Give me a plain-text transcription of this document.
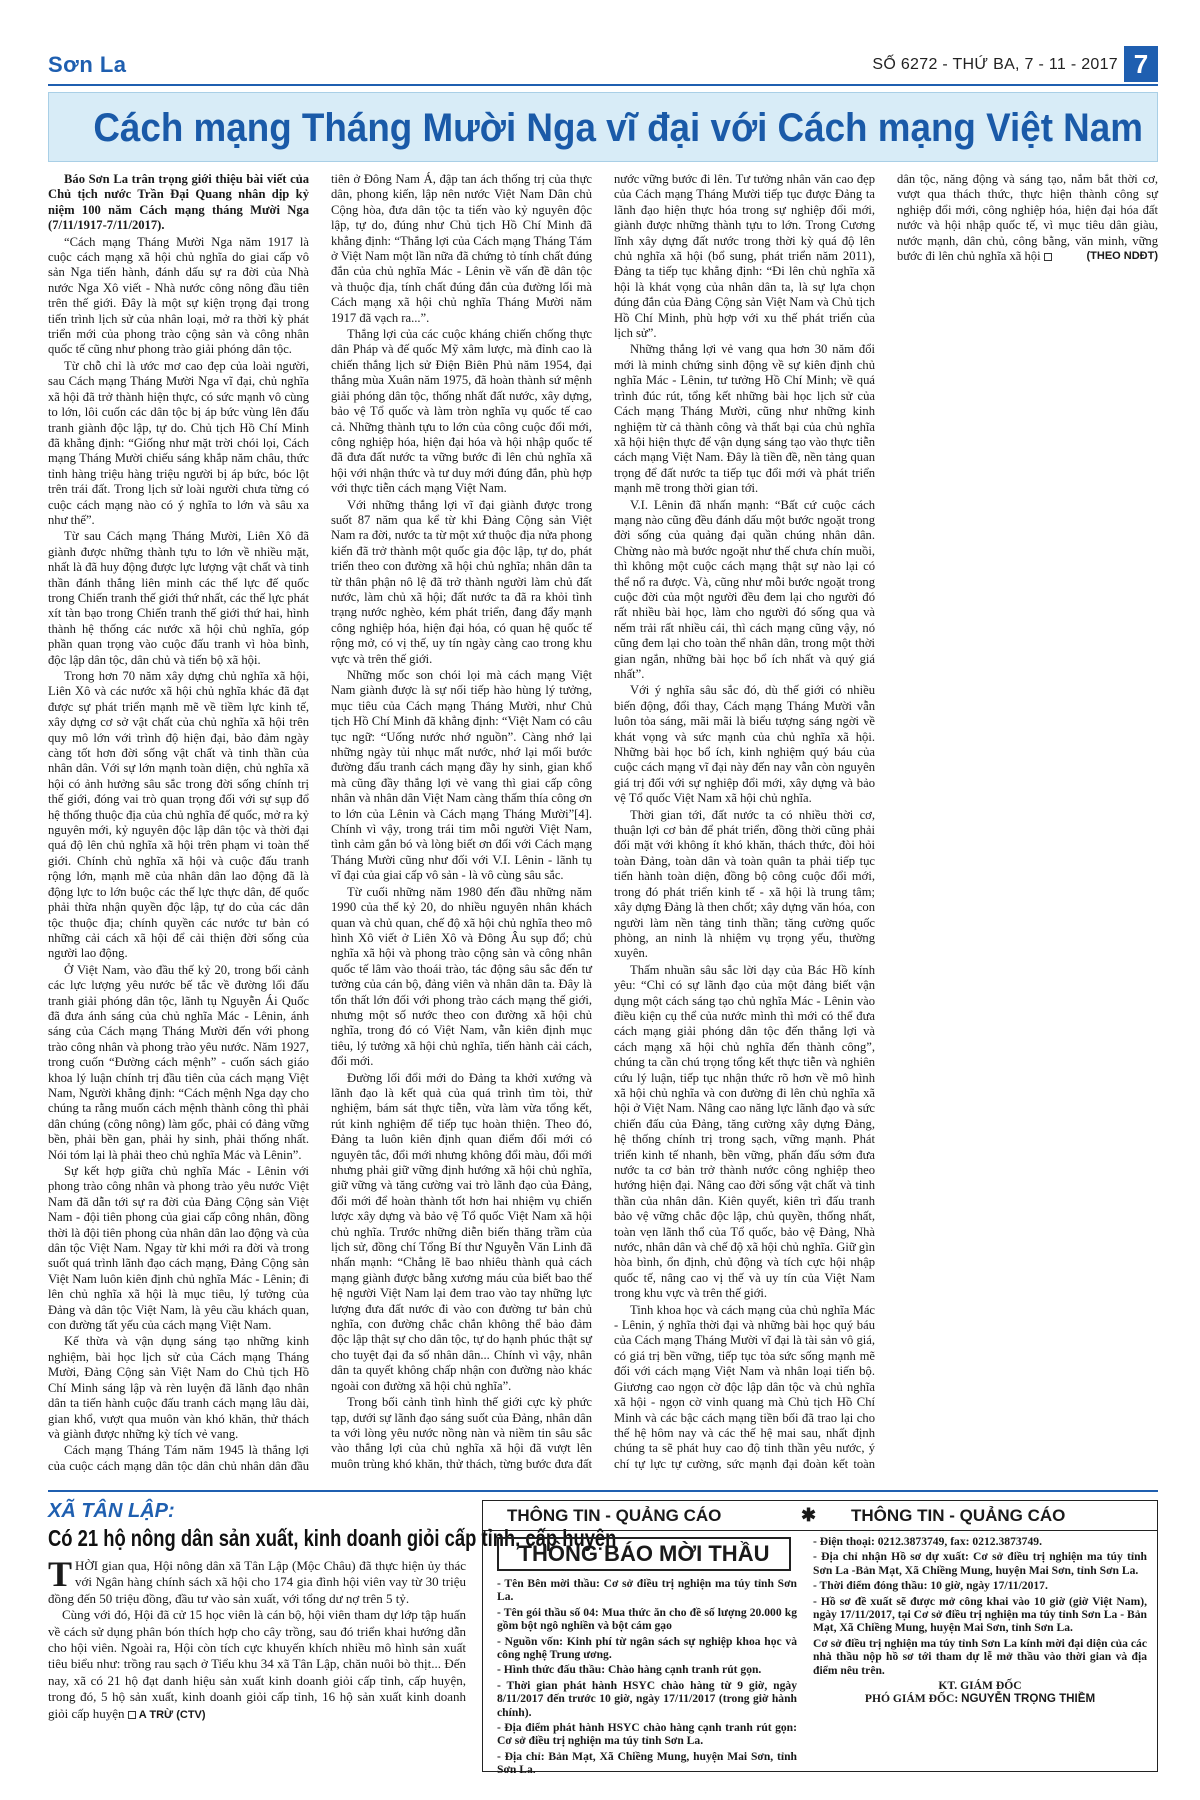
Sơn La	SỐ 6272 - THỨ BA, 7 - 11 - 2017 7
Cách mạng Tháng Mười Nga vĩ đại với Cách mạng Việt Nam

Báo Sơn La trân trọng giới thiệu bài viết của Chủ tịch nước Trần Đại Quang nhân dịp kỷ niệm 100 năm Cách mạng tháng Mười Nga (7/11/1917-7/11/2017).

“Cách mạng Tháng Mười Nga năm 1917 là cuộc cách mạng xã hội chủ nghĩa do giai cấp vô sản Nga tiến hành, đánh dấu sự ra đời của Nhà nước Nga Xô viết - Nhà nước công nông đầu tiên trên thế giới. Đây là một sự kiện trọng đại trong tiến trình lịch sử của nhân loại, mở ra thời kỳ phát triển mới của phong trào cộng sản và công nhân quốc tế cũng như phong trào giải phóng dân tộc.

Từ chỗ chỉ là ước mơ cao đẹp của loài người, sau Cách mạng Tháng Mười Nga vĩ đại, chủ nghĩa xã hội đã trở thành hiện thực, có sức mạnh vô cùng to lớn, lôi cuốn các dân tộc bị áp bức vùng lên đấu tranh giành độc lập, tự do. Chủ tịch Hồ Chí Minh đã khẳng định: “Giống như mặt trời chói lọi, Cách mạng Tháng Mười chiếu sáng khắp năm châu, thức tỉnh hàng triệu hàng triệu người bị áp bức, bóc lột trên trái đất. Trong lịch sử loài người chưa từng có cuộc cách mạng nào có ý nghĩa to lớn và sâu xa như thế”.

Từ sau Cách mạng Tháng Mười, Liên Xô đã giành được những thành tựu to lớn về nhiều mặt, nhất là đã huy động được lực lượng vật chất và tinh thần đánh thắng liên minh các thế lực đế quốc trong Chiến tranh thế giới thứ nhất, các thế lực phát xít tàn bạo trong Chiến tranh thế giới thứ hai, hình thành hệ thống các nước xã hội chủ nghĩa, góp phần quan trọng vào cuộc đấu tranh vì hòa bình, độc lập dân tộc, dân chủ và tiến bộ xã hội.

Trong hơn 70 năm xây dựng chủ nghĩa xã hội, Liên Xô và các nước xã hội chủ nghĩa khác đã đạt được sự phát triển mạnh mẽ về tiềm lực kinh tế, xây dựng cơ sở vật chất của chủ nghĩa xã hội trên quy mô lớn với trình độ hiện đại, bảo đảm ngày càng tốt hơn đời sống vật chất và tinh thần của nhân dân. Với sự lớn mạnh toàn diện, chủ nghĩa xã hội có ảnh hưởng sâu sắc trong đời sống chính trị thế giới, đóng vai trò quan trọng đối với sự sụp đổ hệ thống thuộc địa của chủ nghĩa đế quốc, mở ra kỷ nguyên mới, kỷ nguyên độc lập dân tộc và thời đại quá độ lên chủ nghĩa xã hội trên phạm vi toàn thế giới. Chính chủ nghĩa xã hội và cuộc đấu tranh rộng lớn, mạnh mẽ của nhân dân lao động đã là động lực to lớn buộc các thế lực thực dân, đế quốc phải thừa nhận quyền độc lập, tự do của các dân tộc thuộc địa; chính quyền các nước tư bản có những cải cách xã hội để cải thiện đời sống của người lao động.

Ở Việt Nam, vào đầu thế kỷ 20, trong bối cảnh các lực lượng yêu nước bế tắc về đường lối đấu tranh giải phóng dân tộc, lãnh tụ Nguyễn Ái Quốc đã đưa ánh sáng của chủ nghĩa Mác - Lênin, ánh sáng của Cách mạng Tháng Mười đến với phong trào công nhân và phong trào yêu nước. Năm 1927, trong cuốn “Đường cách mệnh” - cuốn sách giáo khoa lý luận chính trị đầu tiên của cách mạng Việt Nam, Người khẳng định: “Cách mệnh Nga dạy cho chúng ta rằng muốn cách mệnh thành công thì phải dân chúng (công nông) làm gốc, phải có đảng vững bền, phải bền gan, phải hy sinh, phải thống nhất. Nói tóm lại là phải theo chủ nghĩa Mác và Lênin”.

Sự kết hợp giữa chủ nghĩa Mác - Lênin với phong trào công nhân và phong trào yêu nước Việt Nam đã dẫn tới sự ra đời của Đảng Cộng sản Việt Nam - đội tiên phong của giai cấp công nhân, đồng thời là đội tiên phong của nhân dân lao động và của dân tộc Việt Nam. Ngay từ khi mới ra đời và trong suốt quá trình lãnh đạo cách mạng, Đảng Cộng sản Việt Nam luôn kiên định chủ nghĩa Mác - Lênin; đi lên chủ nghĩa xã hội là mục tiêu, lý tưởng của Đảng và dân tộc Việt Nam, là yêu cầu khách quan, con đường tất yếu của cách mạng Việt Nam.

Kế thừa và vận dụng sáng tạo những kinh nghiệm, bài học lịch sử của Cách mạng Tháng Mười, Đảng Cộng sản Việt Nam do Chủ tịch Hồ Chí Minh sáng lập và rèn luyện đã lãnh đạo nhân dân ta tiến hành cuộc đấu tranh cách mạng lâu dài, gian khổ, vượt qua muôn vàn khó khăn, thử thách và giành được những kỳ tích vẻ vang.

Cách mạng Tháng Tám năm 1945 là thắng lợi của cuộc cách mạng dân tộc dân chủ nhân dân đầu tiên ở Đông Nam Á, đập tan ách thống trị của thực dân, phong kiến, lập nên nước Việt Nam Dân chủ Cộng hòa, đưa dân tộc ta tiến vào kỷ nguyên độc lập, tự do, đúng như Chủ tịch Hồ Chí Minh đã khẳng định: “Thắng lợi của Cách mạng Tháng Tám ở Việt Nam một lần nữa đã chứng tỏ tính chất đúng đắn của chủ nghĩa Mác - Lênin về vấn đề dân tộc và thuộc địa, tính chất đúng đắn của đường lối mà Cách mạng xã hội chủ nghĩa Tháng Mười năm 1917 đã vạch ra...”.

Thắng lợi của các cuộc kháng chiến chống thực dân Pháp và đế quốc Mỹ xâm lược, mà đỉnh cao là chiến thắng lịch sử Điện Biên Phủ năm 1954, đại thắng mùa Xuân năm 1975, đã hoàn thành sứ mệnh giải phóng dân tộc, thống nhất đất nước, xây dựng, bảo vệ Tổ quốc và làm tròn nghĩa vụ quốc tế cao cả. Những thành tựu to lớn của công cuộc đổi mới, công nghiệp hóa, hiện đại hóa và hội nhập quốc tế đã đưa đất nước ta vững bước đi lên chủ nghĩa xã hội với nhận thức và tư duy mới đúng đắn, phù hợp với thực tiễn cách mạng Việt Nam.

Với những thắng lợi vĩ đại giành được trong suốt 87 năm qua kể từ khi Đảng Cộng sản Việt Nam ra đời, nước ta từ một xứ thuộc địa nửa phong kiến đã trở thành một quốc gia độc lập, tự do, phát triển theo con đường xã hội chủ nghĩa; nhân dân ta từ thân phận nô lệ đã trở thành người làm chủ đất nước, làm chủ xã hội; đất nước ta đã ra khỏi tình trạng nước nghèo, kém phát triển, đang đẩy mạnh công nghiệp hóa, hiện đại hóa, có quan hệ quốc tế rộng mở, có vị thế, uy tín ngày càng cao trong khu vực và trên thế giới.

Những mốc son chói lọi mà cách mạng Việt Nam giành được là sự nối tiếp hào hùng lý tưởng, mục tiêu của Cách mạng Tháng Mười, như Chủ tịch Hồ Chí Minh đã khẳng định: “Việt Nam có câu tục ngữ: “Uống nước nhớ nguồn”. Càng nhớ lại những ngày tủi nhục mất nước, nhớ lại mối bước đường đấu tranh cách mạng đầy hy sinh, gian khổ mà cũng đầy thắng lợi vẻ vang thì giai cấp công nhân và nhân dân Việt Nam càng thấm thía công ơn to lớn của Lênin và Cách mạng Tháng Mười”[4]. Chính vì vậy, trong trái tim mỗi người Việt Nam, tình cảm gắn bó và lòng biết ơn đối với Cách mạng Tháng Mười cũng như đối với V.I. Lênin - lãnh tụ vĩ đại của giai cấp vô sản - là vô cùng sâu sắc.

Từ cuối những năm 1980 đến đầu những năm 1990 của thế kỷ 20, do nhiều nguyên nhân khách quan và chủ quan, chế độ xã hội chủ nghĩa theo mô hình Xô viết ở Liên Xô và Đông Âu sụp đổ; chủ nghĩa xã hội và phong trào cộng sản và công nhân quốc tế lâm vào thoái trào, tác động sâu sắc đến tư tưởng của cán bộ, đảng viên và nhân dân ta. Đây là tổn thất lớn đối với phong trào cách mạng thế giới, nhưng một số nước theo con đường xã hội chủ nghĩa, trong đó có Việt Nam, vẫn kiên định mục tiêu, lý tưởng xã hội chủ nghĩa, tiến hành cải cách, đổi mới.

Đường lối đổi mới do Đảng ta khởi xướng và lãnh đạo là kết quả của quá trình tìm tòi, thử nghiệm, bám sát thực tiễn, vừa làm vừa tổng kết, rút kinh nghiệm để tiếp tục hoàn thiện. Theo đó, Đảng ta luôn kiên định quan điểm đổi mới có nguyên tắc, đổi mới nhưng không đổi màu, đổi mới nhưng phải giữ vững định hướng xã hội chủ nghĩa, giữ vững và tăng cường vai trò lãnh đạo của Đảng, đổi mới để hoàn thành tốt hơn hai nhiệm vụ chiến lược xây dựng và bảo vệ Tổ quốc Việt Nam xã hội chủ nghĩa. Trước những diễn biến thăng trầm của lịch sử, đồng chí Tổng Bí thư Nguyễn Văn Linh đã nhấn mạnh: “Chẳng lẽ bao nhiêu thành quả cách mạng giành được bằng xương máu của biết bao thế hệ người Việt Nam lại đem trao vào tay những lực lượng đưa đất nước đi vào con đường tư bản chủ nghĩa, con đường chắc chắn không thể bảo đảm độc lập thật sự cho dân tộc, tự do hạnh phúc thật sự cho tuyệt đại đa số nhân dân... Chính vì vậy, nhân dân ta quyết không chấp nhận con đường nào khác ngoài con đường xã hội chủ nghĩa”.

Trong bối cảnh tình hình thế giới cực kỳ phức tạp, dưới sự lãnh đạo sáng suốt của Đảng, nhân dân ta với lòng yêu nước nồng nàn và niềm tin sâu sắc vào thắng lợi của chủ nghĩa xã hội đã vượt lên muôn trùng khó khăn, thử thách, từng bước đưa đất nước vững bước đi lên. Tư tưởng nhân văn cao đẹp của Cách mạng Tháng Mười tiếp tục được Đảng ta lãnh đạo hiện thực hóa trong sự nghiệp đổi mới, giành được những thành tựu to lớn. Trong Cương lĩnh xây dựng đất nước trong thời kỳ quá độ lên chủ nghĩa xã hội (bổ sung, phát triển năm 2011), Đảng ta tiếp tục khẳng định: “Đi lên chủ nghĩa xã hội là khát vọng của nhân dân ta, là sự lựa chọn đúng đắn của Đảng Cộng sản Việt Nam và Chủ tịch Hồ Chí Minh, phù hợp với xu thế phát triển của lịch sử”.

Những thắng lợi vẻ vang qua hơn 30 năm đổi mới là minh chứng sinh động về sự kiên định chủ nghĩa Mác - Lênin, tư tưởng Hồ Chí Minh; về quá trình đúc rút, tổng kết những bài học lịch sử của Cách mạng Tháng Mười, cũng như những kinh nghiệm từ cả thành công và thất bại của chủ nghĩa xã hội hiện thực để vận dụng sáng tạo vào thực tiễn cách mạng Việt Nam. Đây là tiền đề, nền tảng quan trọng để đất nước ta tiếp tục đổi mới và phát triển mạnh mẽ trong thời gian tới.

V.I. Lênin đã nhấn mạnh: “Bất cứ cuộc cách mạng nào cũng đều đánh dấu một bước ngoặt trong đời sống của quảng đại quần chúng nhân dân. Chừng nào mà bước ngoặt như thế chưa chín muồi, thì không một cuộc cách mạng thật sự nào lại có thể nổ ra được. Và, cũng như mỗi bước ngoặt trong cuộc đời của một người đều đem lại cho người đó rất nhiều bài học, làm cho người đó sống qua và nếm trải rất nhiều cái, thì cách mạng cũng vậy, nó cũng đem lại cho toàn thể nhân dân, trong một thời gian ngắn, những bài học bổ ích nhất và quý giá nhất”.

Với ý nghĩa sâu sắc đó, dù thế giới có nhiều biến động, đổi thay, Cách mạng Tháng Mười vẫn luôn tỏa sáng, mãi mãi là biểu tượng sáng ngời về khát vọng và sức mạnh của chủ nghĩa xã hội. Những bài học bổ ích, kinh nghiệm quý báu của cuộc cách mạng vĩ đại này đến nay vẫn còn nguyên giá trị đối với sự nghiệp đổi mới, xây dựng và bảo vệ Tổ quốc Việt Nam xã hội chủ nghĩa.

Thời gian tới, đất nước ta có nhiều thời cơ, thuận lợi cơ bản để phát triển, đồng thời cũng phải đối mặt với không ít khó khăn, thách thức, đòi hỏi toàn Đảng, toàn dân và toàn quân ta phải tiếp tục tiến hành toàn diện, đồng bộ công cuộc đổi mới, trong đó phát triển kinh tế - xã hội là trung tâm; xây dựng Đảng là then chốt; xây dựng văn hóa, con người làm nền tảng tinh thần; tăng cường quốc phòng, an ninh là nhiệm vụ trọng yếu, thường xuyên.

Thấm nhuần sâu sắc lời dạy của Bác Hồ kính yêu: “Chỉ có sự lãnh đạo của một đảng biết vận dụng một cách sáng tạo chủ nghĩa Mác - Lênin vào điều kiện cụ thể của nước mình thì mới có thể đưa cách mạng giải phóng dân tộc đến thắng lợi và cách mạng xã hội chủ nghĩa đến thành công”, chúng ta cần chú trọng tổng kết thực tiễn và nghiên cứu lý luận, tiếp tục nhận thức rõ hơn về mô hình xã hội chủ nghĩa và con đường đi lên chủ nghĩa xã hội ở Việt Nam. Nâng cao năng lực lãnh đạo và sức chiến đấu của Đảng, tăng cường xây dựng Đảng, hệ thống chính trị trong sạch, vững mạnh. Phát triển kinh tế nhanh, bền vững, phấn đấu sớm đưa nước ta cơ bản trở thành nước công nghiệp theo hướng hiện đại. Nâng cao đời sống vật chất và tinh thần của nhân dân. Kiên quyết, kiên trì đấu tranh bảo vệ vững chắc độc lập, chủ quyền, thống nhất, toàn vẹn lãnh thổ của Tổ quốc, bảo vệ Đảng, Nhà nước, nhân dân và chế độ xã hội chủ nghĩa. Giữ gìn hòa bình, ổn định, chủ động và tích cực hội nhập quốc tế, nâng cao vị thế và uy tín của Việt Nam trong khu vực và trên thế giới.

Tinh khoa học và cách mạng của chủ nghĩa Mác - Lênin, ý nghĩa thời đại và những bài học quý báu của Cách mạng Tháng Mười vĩ đại là tài sản vô giá, có giá trị bền vững, tiếp tục tỏa sức sống mạnh mẽ đối với cách mạng Việt Nam và nhân loại tiến bộ. Giương cao ngọn cờ độc lập dân tộc và chủ nghĩa xã hội - ngọn cờ vinh quang mà Chủ tịch Hồ Chí Minh và các bậc cách mạng tiền bối đã trao lại cho thế hệ hôm nay và các thế hệ mai sau, nhất định chúng ta sẽ phát huy cao độ tinh thần yêu nước, ý chí tự lực tự cường, sức mạnh đại đoàn kết toàn dân tộc, năng động và sáng tạo, nắm bắt thời cơ, vượt qua thách thức, thực hiện thành công sự nghiệp đổi mới, công nghiệp hóa, hiện đại hóa đất nước và hội nhập quốc tế, vì mục tiêu dân giàu, nước mạnh, dân chủ, công bằng, văn minh, vững bước đi lên chủ nghĩa xã hội	(THEO NDĐT)

XÃ TÂN LẬP:
Có 21 hộ nông dân sản xuất, kinh doanh giỏi cấp tỉnh, cấp huyện

THỜI gian qua, Hội nông dân xã Tân Lập (Mộc Châu) đã thực hiện ủy thác với Ngân hàng chính sách xã hội cho 174 gia đình hội viên vay từ 30 triệu đồng đến 50 triệu đồng, đầu tư vào sản xuất, với tổng dư nợ trên 5 tỷ.

Cùng với đó, Hội đã cử 15 học viên là cán bộ, hội viên tham dự lớp tập huấn về cách sử dụng phân bón thích hợp cho cây trồng, sau đó triển khai hướng dẫn cho hội viên. Ngoài ra, Hội còn tích cực khuyến khích nhiều mô hình sản xuất tiêu biểu như: trồng rau sạch ở Tiểu khu 34 xã Tân Lập, chăn nuôi bò thịt... Đến nay, xã có 21 hộ đạt danh hiệu sản xuất kinh doanh giỏi cấp tỉnh, cấp huyện, trong đó, 5 hộ sản xuất, kinh doanh giỏi cấp tỉnh, 16 hộ sản xuất kinh doanh giỏi cấp huyện A TRỪ (CTV)

THÔNG TIN - QUẢNG CÁO	✱ THÔNG TIN - QUẢNG CÁO
THÔNG BÁO MỜI THẦU

- Tên Bên mời thầu: Cơ sở điều trị nghiện ma túy tỉnh Sơn La.

- Tên gói thầu số 04: Mua thức ăn cho đề số lượng 20.000 kg gồm bột ngô nghiền và bột cám gạo

- Nguồn vốn: Kinh phí từ ngân sách sự nghiệp khoa học và công nghệ Trung ương.

- Hình thức đấu thầu: Chào hàng cạnh tranh rút gọn.

- Thời gian phát hành HSYC chào hàng từ 9 giờ, ngày 8/11/2017 đến trước 10 giờ, ngày 17/11/2017 (trong giờ hành chính).

- Địa điểm phát hành HSYC chào hàng cạnh tranh rút gọn: Cơ sở điều trị nghiện ma túy tỉnh Sơn La.

- Địa chỉ: Bản Mạt, Xã Chiềng Mung, huyện Mai Sơn, tỉnh Sơn La.

- Điện thoại: 0212.3873749, fax: 0212.3873749.

- Địa chỉ nhận Hồ sơ dự xuất: Cơ sở điều trị nghiện ma túy tỉnh Sơn La -Bản Mạt, Xã Chiềng Mung, huyện Mai Sơn, tỉnh Sơn La.

- Thời điểm đóng thầu: 10 giờ, ngày 17/11/2017.

- Hồ sơ đề xuất sẽ được mở công khai vào 10 giờ (giờ Việt Nam), ngày 17/11/2017, tại Cơ sở điều trị nghiện ma túy tỉnh Sơn La - Bản Mạt, Xã Chiềng Mung, huyện Mai Sơn, tỉnh Sơn La.

Cơ sở điều trị nghiện ma túy tỉnh Sơn La kính mời đại diện của các nhà thầu nộp hồ sơ tới tham dự lễ mở thầu vào thời gian và địa điểm nêu trên.

KT. GIÁM ĐỐC
PHÓ GIÁM ĐỐC: NGUYỄN TRỌNG THIỀM
